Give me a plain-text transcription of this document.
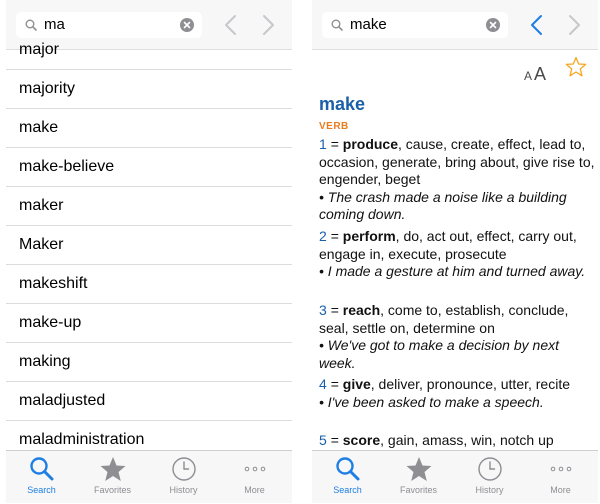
ma
major
majority
make
make-believe
maker
Maker
makeshift
make-up
making
maladjusted
maladministration
Search	Favorites	History	More
make
A A
make
VERB
1 = produce, cause, create, effect, lead to, occasion, generate, bring about, give rise to, engender, beget
• The crash made a noise like a building coming down.
2 = perform, do, act out, effect, carry out, engage in, execute, prosecute
• I made a gesture at him and turned away.
3 = reach, come to, establish, conclude, seal, settle on, determine on
• We've got to make a decision by next week.
4 = give, deliver, pronounce, utter, recite
• I've been asked to make a speech.
5 = score, gain, amass, win, notch up
Search	Favorites	History	More
